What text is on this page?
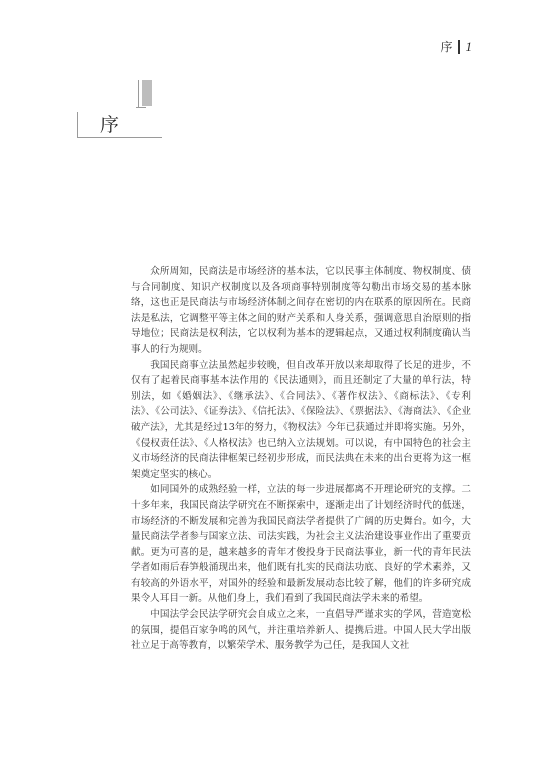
序 1
序

众所周知，民商法是市场经济的基本法，它以民事主体制度、物权制度、债与合同制度、知识产权制度以及各项商事特别制度等勾勒出市场交易的基本脉络，这也正是民商法与市场经济体制之间存在密切的内在联系的原因所在。民商法是私法，它调整平等主体之间的财产关系和人身关系，强调意思自治原则的指导地位；民商法是权利法，它以权利为基本的逻辑起点，又通过权利制度确认当事人的行为规则。

我国民商事立法虽然起步较晚，但自改革开放以来却取得了长足的进步，不仅有了起着民商事基本法作用的《民法通则》，而且还制定了大量的单行法，特别法，如《婚姻法》、《继承法》、《合同法》、《著作权法》、《商标法》、《专利法》、《公司法》、《证券法》、《信托法》、《保险法》、《票据法》、《海商法》、《企业破产法》，尤其是经过13年的努力，《物权法》今年已获通过并即将实施。另外，《侵权责任法》、《人格权法》也已纳入立法规划。可以说，有中国特色的社会主义市场经济的民商法律框架已经初步形成，而民法典在未来的出台更将为这一框架奠定坚实的核心。

如同国外的成熟经验一样，立法的每一步进展都离不开理论研究的支撑。二十多年来，我国民商法学研究在不断探索中，逐渐走出了计划经济时代的低迷，市场经济的不断发展和完善为我国民商法学者提供了广阔的历史舞台。如今，大量民商法学者参与国家立法、司法实践，为社会主义法治建设事业作出了重要贡献。更为可喜的是，越来越多的青年才俊投身于民商法事业，新一代的青年民法学者如雨后春笋般涌现出来，他们既有扎实的民商法功底、良好的学术素养，又有较高的外语水平，对国外的经验和最新发展动态比较了解，他们的许多研究成果令人耳目一新。从他们身上，我们看到了我国民商法学未来的希望。

中国法学会民法学研究会自成立之来，一直倡导严谨求实的学风，营造宽松的氛围，提倡百家争鸣的风气，并注重培养新人、提携后进。中国人民大学出版社立足于高等教育，以繁荣学术、服务教学为己任，是我国人文社
